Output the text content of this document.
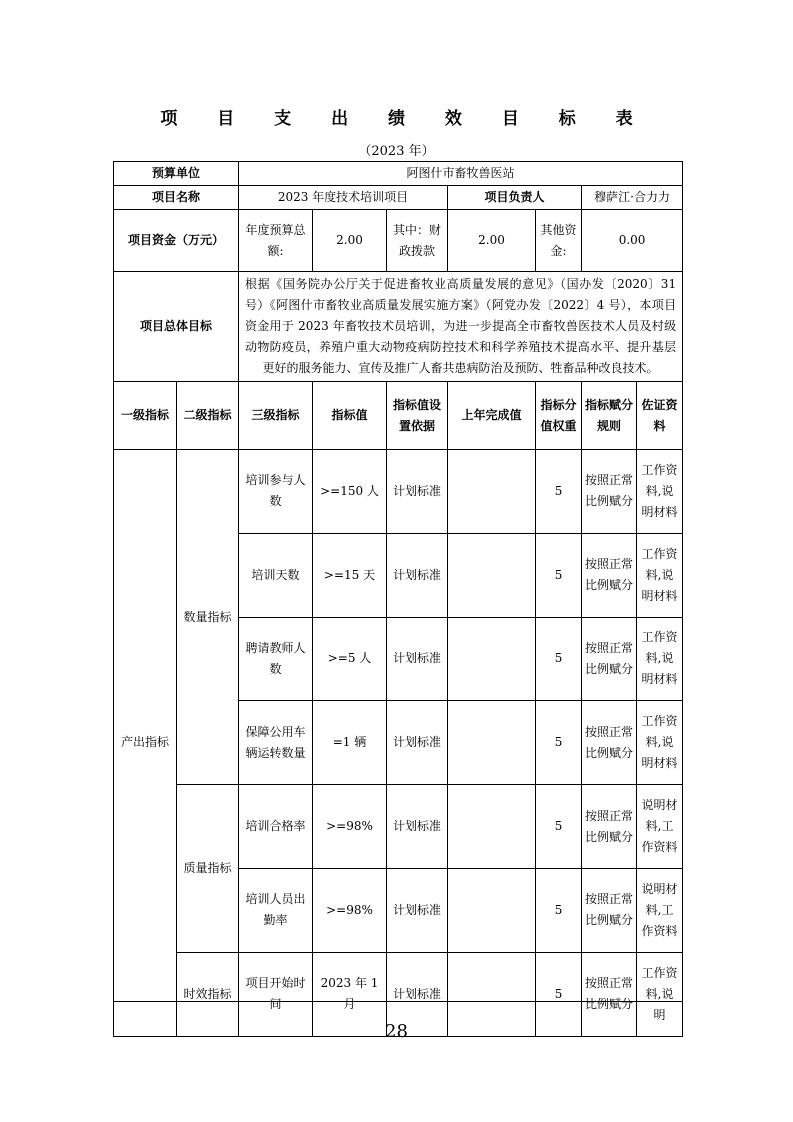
项 目 支 出 绩 效 目 标 表
（2023 年）
预算单位		阿图什市畜牧兽医站						
项目名称		2023 年度技术培训项目			项目负责人		穆萨江·合力力	
项目资金（万元）		年度预算总额:	2.00	其中：财政拨款	2.00	其他资金:	0.00	
项目总体目标		根据《国务院办公厅关于促进畜牧业高质量发展的意见》（国办发〔2020〕31 号）《阿图什市畜牧业高质量发展实施方案》（阿党办发〔2022〕4 号），本项目资金用于 2023 年畜牧技术员培训，为进一步提高全市畜牧兽医技术人员及村级动物防疫员，养殖户重大动物疫病防控技术和科学养殖技术提高水平、提升基层更好的服务能力、宣传及推广人畜共患病防治及预防、牲畜品种改良技术。						
一级指标	二级指标	三级指标	指标值	指标值设置依据	上年完成值	指标分值权重	指标赋分规则	佐证资料
产出指标	数量指标	培训参与人数	>=150 人	计划标准		5	按照正常比例赋分	工作资料,说明材料
		培训天数	>=15 天	计划标准		5	按照正常比例赋分	工作资料,说明材料
		聘请教师人数	>=5 人	计划标准		5	按照正常比例赋分	工作资料,说明材料
		保障公用车辆运转数量	=1 辆	计划标准		5	按照正常比例赋分	工作资料,说明材料
	质量指标	培训合格率	>=98%	计划标准		5	按照正常比例赋分	说明材料,工作资料
		培训人员出勤率	>=98%	计划标准		5	按照正常比例赋分	说明材料,工作资料
	时效指标	项目开始时间	2023 年 1 月	计划标准		5	按照正常比例赋分	工作资料,说明
28
